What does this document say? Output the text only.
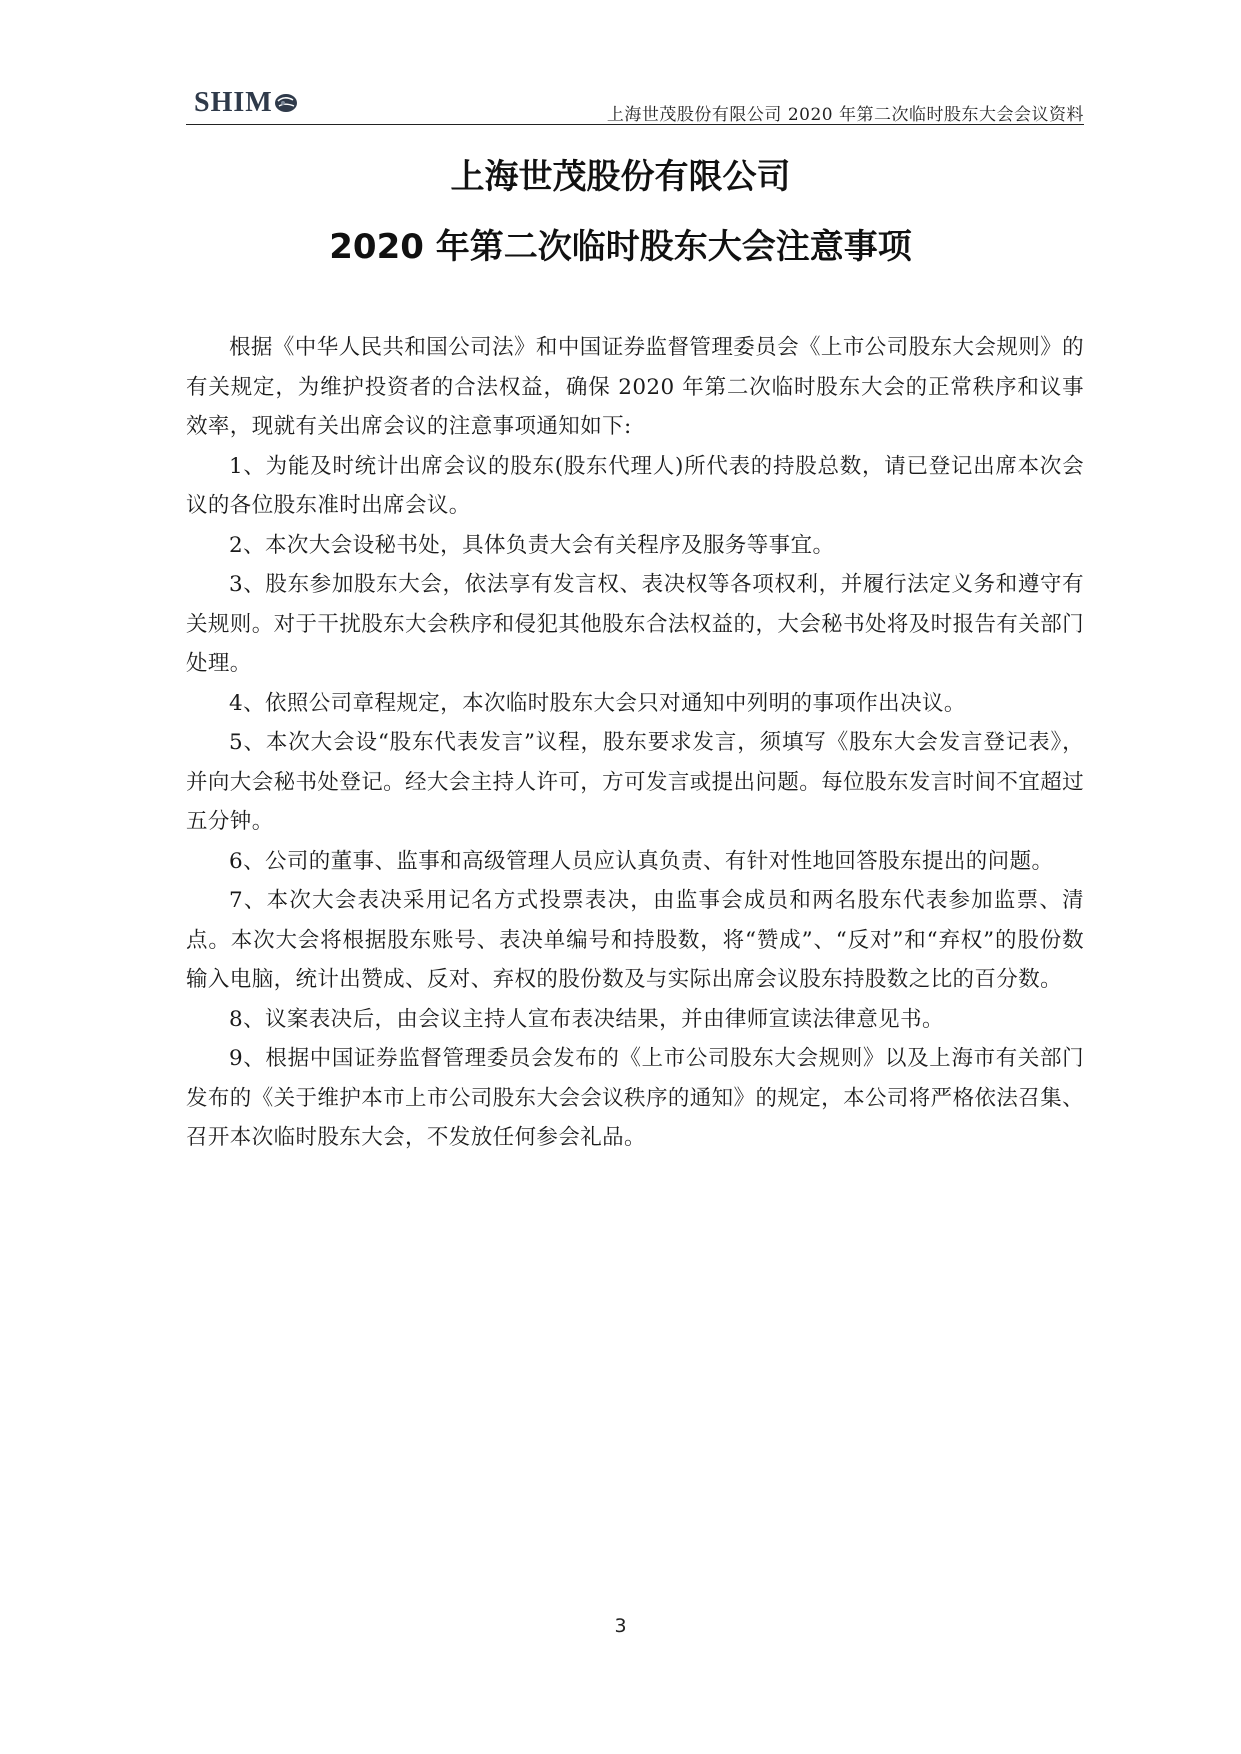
SHIM	上海世茂股份有限公司 2020 年第二次临时股东大会会议资料

上海世茂股份有限公司

2020 年第二次临时股东大会注意事项

根据《中华人民共和国公司法》和中国证券监督管理委员会《上市公司股东大会规则》的有关规定，为维护投资者的合法权益，确保 2020 年第二次临时股东大会的正常秩序和议事效率，现就有关出席会议的注意事项通知如下:

1、为能及时统计出席会议的股东(股东代理人)所代表的持股总数，请已登记出席本次会议的各位股东准时出席会议。

2、本次大会设秘书处，具体负责大会有关程序及服务等事宜。

3、股东参加股东大会，依法享有发言权、表决权等各项权利，并履行法定义务和遵守有关规则。对于干扰股东大会秩序和侵犯其他股东合法权益的，大会秘书处将及时报告有关部门处理。

4、依照公司章程规定，本次临时股东大会只对通知中列明的事项作出决议。

5、本次大会设“股东代表发言”议程，股东要求发言，须填写《股东大会发言登记表》，并向大会秘书处登记。经大会主持人许可，方可发言或提出问题。每位股东发言时间不宜超过五分钟。

6、公司的董事、监事和高级管理人员应认真负责、有针对性地回答股东提出的问题。

7、本次大会表决采用记名方式投票表决，由监事会成员和两名股东代表参加监票、清点。本次大会将根据股东账号、表决单编号和持股数，将“赞成”、“反对”和“弃权”的股份数输入电脑，统计出赞成、反对、弃权的股份数及与实际出席会议股东持股数之比的百分数。

8、议案表决后，由会议主持人宣布表决结果，并由律师宣读法律意见书。

9、根据中国证券监督管理委员会发布的《上市公司股东大会规则》以及上海市有关部门发布的《关于维护本市上市公司股东大会会议秩序的通知》的规定，本公司将严格依法召集、召开本次临时股东大会，不发放任何参会礼品。

3
